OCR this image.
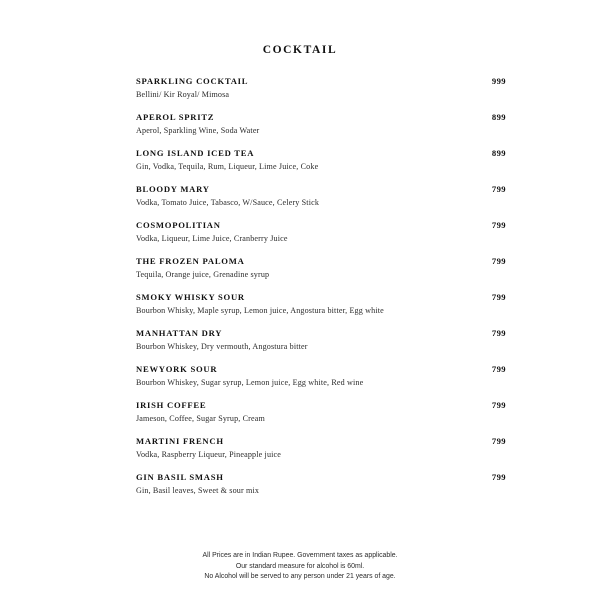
COCKTAIL
SPARKLING COCKTAIL	999
Bellini/ Kir Royal/ Mimosa
APEROL SPRITZ	899
Aperol, Sparkling Wine, Soda Water
LONG ISLAND ICED TEA	899
Gin, Vodka, Tequila, Rum, Liqueur, Lime Juice, Coke
BLOODY MARY	799
Vodka, Tomato Juice, Tabasco, W/Sauce, Celery Stick
COSMOPOLITIAN	799
Vodka, Liqueur, Lime Juice, Cranberry Juice
THE FROZEN PALOMA	799
Tequila, Orange juice, Grenadine syrup
SMOKY WHISKY SOUR	799
Bourbon Whisky, Maple syrup, Lemon juice, Angostura bitter, Egg white
MANHATTAN DRY	799
Bourbon Whiskey, Dry vermouth, Angostura bitter
NEWYORK SOUR	799
Bourbon Whiskey, Sugar syrup, Lemon juice, Egg white, Red wine
IRISH COFFEE	799
Jameson, Coffee, Sugar Syrup, Cream
MARTINI FRENCH	799
Vodka, Raspberry Liqueur, Pineapple juice
GIN BASIL SMASH	799
Gin, Basil leaves, Sweet & sour mix
All Prices are in Indian Rupee. Government taxes as applicable.
Our standard measure for alcohol is 60ml.
No Alcohol will be served to any person under 21 years of age.
